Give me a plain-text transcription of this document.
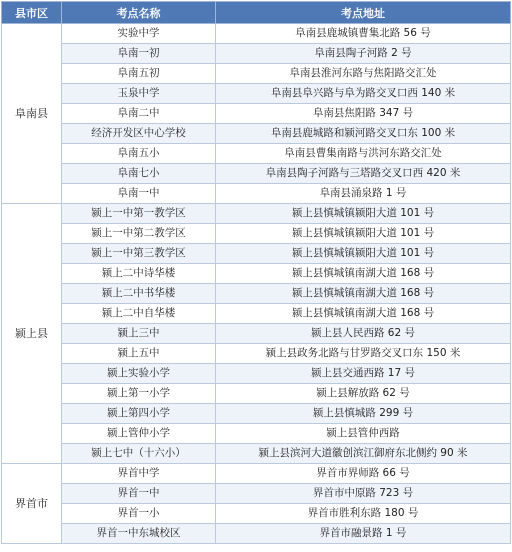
县市区	考点名称	考点地址
阜南县	实验中学	阜南县鹿城镇曹集北路 56 号
	阜南一初	阜南县陶子河路 2 号
	阜南五初	阜南县淮河东路与焦阳路交汇处
	玉泉中学	阜南县阜兴路与阜为路交叉口西 140 米
	阜南二中	阜南县焦阳路 347 号
	经济开发区中心学校	阜南县鹿城路和颍河路交叉口东 100 米
	阜南五小	阜南县曹集南路与洪河东路交汇处
	阜南七小	阜南县陶子河路与三塔路交叉口西 420 米
	阜南一中	阜南县涌泉路 1 号
颍上县	颍上一中第一教学区	颍上县慎城镇颍阳大道 101 号
	颍上一中第二教学区	颍上县慎城镇颍阳大道 101 号
	颍上一中第三教学区	颍上县慎城镇颍阳大道 101 号
	颍上二中诗华楼	颍上县慎城镇南湖大道 168 号
	颍上二中书华楼	颍上县慎城镇南湖大道 168 号
	颍上二中自华楼	颍上县慎城镇南湖大道 168 号
	颍上三中	颍上县人民西路 62 号
	颍上五中	颍上县政务北路与甘罗路交叉口东 150 米
	颍上实验小学	颍上县交通西路 17 号
	颍上第一小学	颍上县解放路 62 号
	颍上第四小学	颍上县慎城路 299 号
	颍上管仲小学	颍上县管仲西路
	颍上七中（十六小）	颍上县滨河大道徽创滨江御府东北侧约 90 米
界首市	界首中学	界首市界师路 66 号
	界首一中	界首市中原路 723 号
	界首一小	界首市胜利东路 180 号
	界首一中东城校区	界首市融景路 1 号
